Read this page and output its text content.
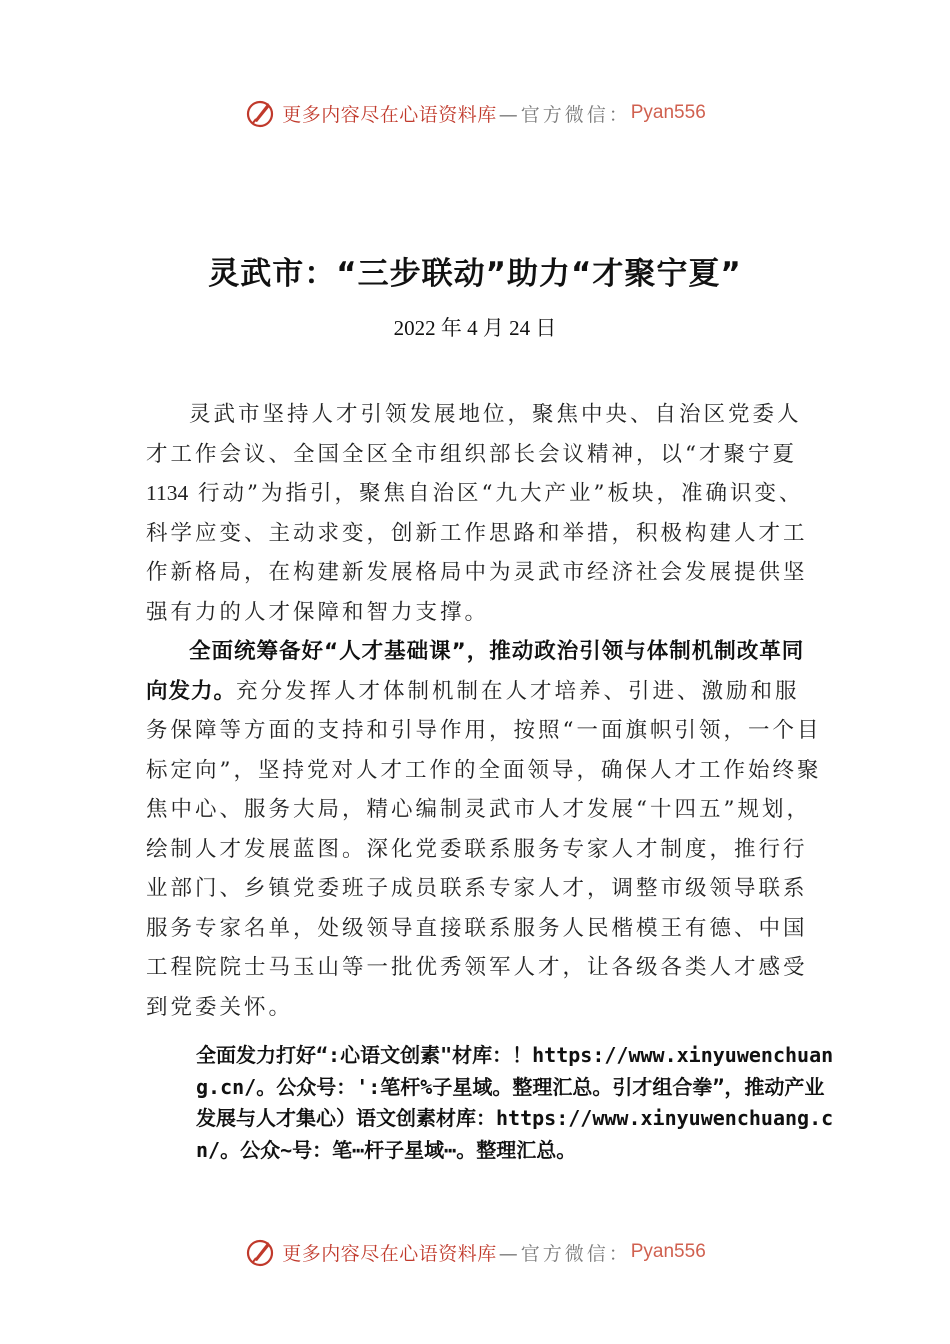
更多内容尽在心语资料库 —官方微信： Pyan556
灵武市：“三步联动”助力“才聚宁夏”
2022 年 4 月 24 日

灵武市坚持人才引领发展地位，聚焦中央、自治区党委人才工作会议、全国全区全市组织部长会议精神，以“才聚宁夏 1134 行动”为指引，聚焦自治区“九大产业”板块，准确识变、科学应变、主动求变，创新工作思路和举措，积极构建人才工作新格局，在构建新发展格局中为灵武市经济社会发展提供坚强有力的人才保障和智力支撑。

全面统筹备好“人才基础课”，推动政治引领与体制机制改革同向发力。充分发挥人才体制机制在人才培养、引进、激励和服务保障等方面的支持和引导作用，按照“一面旗帜引领，一个目标定向”，坚持党对人才工作的全面领导，确保人才工作始终聚焦中心、服务大局，精心编制灵武市人才发展“十四五”规划，绘制人才发展蓝图。深化党委联系服务专家人才制度，推行行业部门、乡镇党委班子成员联系专家人才，调整市级领导联系服务专家名单，处级领导直接联系服务人民楷模王有德、中国工程院院士马玉山等一批优秀领军人才，让各级各类人才感受到党委关怀。

全面发力打好“:心语文创素"材库：！https://www.xinyuwenchuang.cn/。公众号：':笔杆%子星域。整理汇总。引才组合拳”，推动产业发展与人才集心）语文创素材库：https://www.xinyuwenchuang.cn/。公众~号：笔⋯杆子星域⋯。整理汇总。
更多内容尽在心语资料库 —官方微信： Pyan556
